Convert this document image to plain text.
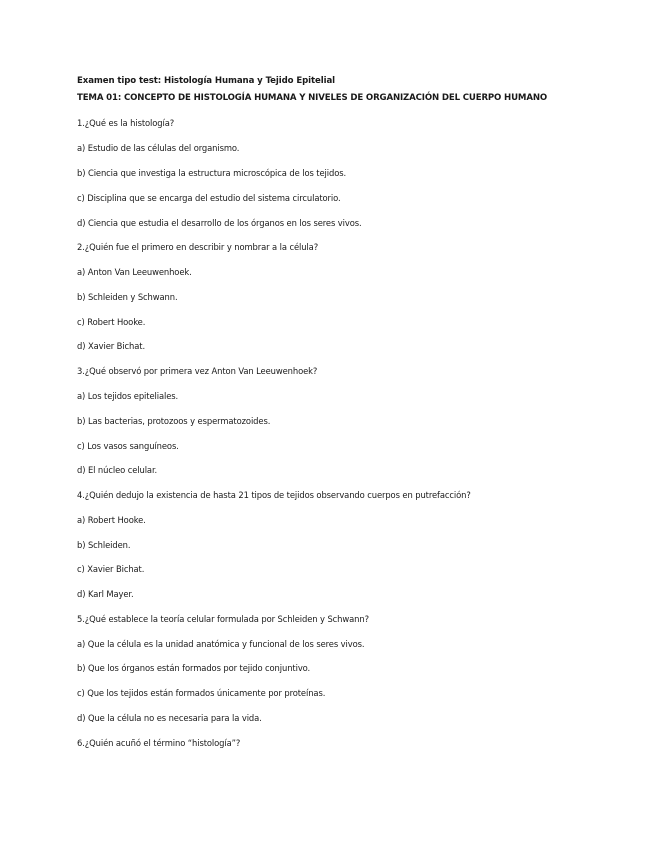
Examen tipo test: Histología Humana y Tejido Epitelial
TEMA 01: CONCEPTO DE HISTOLOGÍA HUMANA Y NIVELES DE ORGANIZACIÓN DEL CUERPO HUMANO
1.¿Qué es la histología?
a) Estudio de las células del organismo.
b) Ciencia que investiga la estructura microscópica de los tejidos.
c) Disciplina que se encarga del estudio del sistema circulatorio.
d) Ciencia que estudia el desarrollo de los órganos en los seres vivos.
2.¿Quién fue el primero en describir y nombrar a la célula?
a) Anton Van Leeuwenhoek.
b) Schleiden y Schwann.
c) Robert Hooke.
d) Xavier Bichat.
3.¿Qué observó por primera vez Anton Van Leeuwenhoek?
a) Los tejidos epiteliales.
b) Las bacterias, protozoos y espermatozoides.
c) Los vasos sanguíneos.
d) El núcleo celular.
4.¿Quién dedujo la existencia de hasta 21 tipos de tejidos observando cuerpos en putrefacción?
a) Robert Hooke.
b) Schleiden.
c) Xavier Bichat.
d) Karl Mayer.
5.¿Qué establece la teoría celular formulada por Schleiden y Schwann?
a) Que la célula es la unidad anatómica y funcional de los seres vivos.
b) Que los órganos están formados por tejido conjuntivo.
c) Que los tejidos están formados únicamente por proteínas.
d) Que la célula no es necesaria para la vida.
6.¿Quién acuñó el término “histología”?
